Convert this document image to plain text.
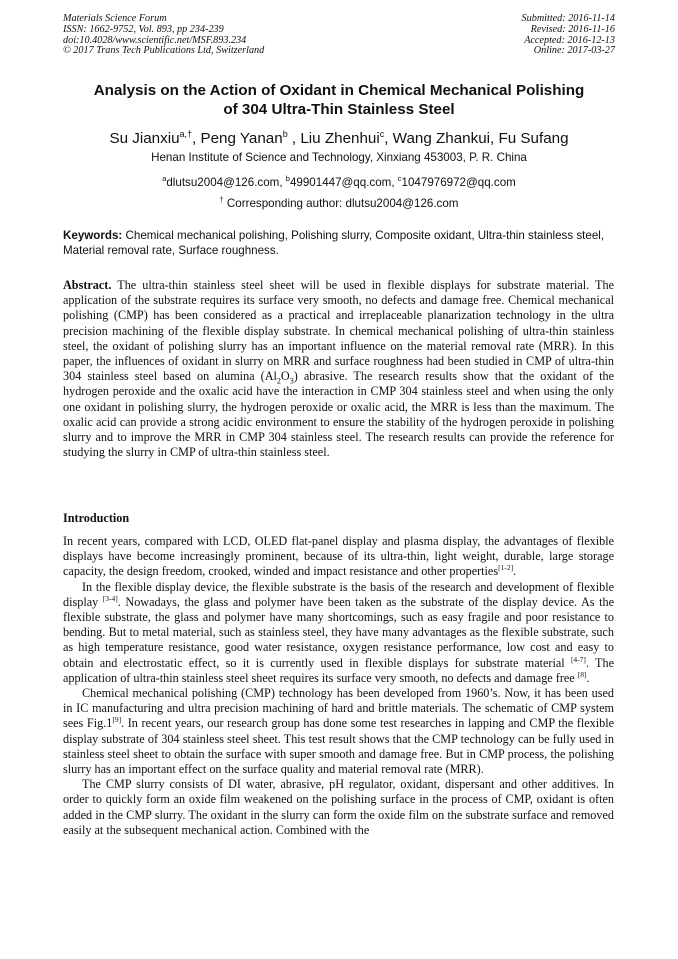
Materials Science Forum
ISSN: 1662-9752, Vol. 893, pp 234-239
doi:10.4028/www.scientific.net/MSF.893.234
© 2017 Trans Tech Publications Ltd, Switzerland
Submitted: 2016-11-14
Revised: 2016-11-16
Accepted: 2016-12-13
Online: 2017-03-27
Analysis on the Action of Oxidant in Chemical Mechanical Polishing
of 304 Ultra-Thin Stainless Steel
Su Jianxiu$^{a,\dagger}$, Peng Yanan$^b$ , Liu Zhenhui$^c$, Wang Zhankui, Fu Sufang
Henan Institute of Science and Technology, Xinxiang 453003, P. R. China
$^a$dlutsu2004@126.com, $^b$49901447@qq.com, $^c$1047976972@qq.com
† Corresponding author: dlutsu2004@126.com
Keywords: Chemical mechanical polishing, Polishing slurry, Composite oxidant, Ultra-thin stainless steel, Material removal rate, Surface roughness.

Abstract. The ultra-thin stainless steel sheet will be used in flexible displays for substrate material. The application of the substrate requires its surface very smooth, no defects and damage free. Chemical mechanical polishing (CMP) has been considered as a practical and irreplaceable planarization technology in the ultra precision machining of the flexible display substrate. In chemical mechanical polishing of ultra-thin stainless steel, the oxidant of polishing slurry has an important influence on the material removal rate (MRR). In this paper, the influences of oxidant in slurry on MRR and surface roughness had been studied in CMP of ultra-thin 304 stainless steel based on alumina $(Al_2O_3)$ abrasive. The research results show that the oxidant of the hydrogen peroxide and the oxalic acid have the interaction in CMP 304 stainless steel and when using the only one oxidant in polishing slurry, the hydrogen peroxide or oxalic acid, the MRR is less than the maximum. The oxalic acid can provide a strong acidic environment to ensure the stability of the hydrogen peroxide in polishing slurry and to improve the MRR in CMP 304 stainless steel. The research results can provide the reference for studying the slurry in CMP of ultra-thin stainless steel.

Introduction

In recent years, compared with LCD, OLED flat-panel display and plasma display, the advantages of flexible displays have become increasingly prominent, because of its ultra-thin, light weight, durable, large storage capacity, the design freedom, crooked, winded and impact resistance and other properties[1-2].

In the flexible display device, the flexible substrate is the basis of the research and development of flexible display [3-4]. Nowadays, the glass and polymer have been taken as the substrate of the display device. As the flexible substrate, the glass and polymer have many shortcomings, such as easy fragile and poor resistance to bending. But to metal material, such as stainless steel, they have many advantages as the flexible substrate, such as high temperature resistance, good water resistance, oxygen resistance performance, low cost and easy to obtain and electrostatic effect, so it is currently used in flexible displays for substrate material [4-7]. The application of ultra-thin stainless steel sheet requires its surface very smooth, no defects and damage free [8].

Chemical mechanical polishing (CMP) technology has been developed from 1960’s. Now, it has been used in IC manufacturing and ultra precision machining of hard and brittle materials. The schematic of CMP system sees Fig.1[9]. In recent years, our research group has done some test researches in lapping and CMP the flexible display substrate of 304 stainless steel sheet. This test result shows that the CMP technology can be fully used in stainless steel sheet to obtain the surface with super smooth and damage free. But in CMP process, the polishing slurry has an important effect on the surface quality and material removal rate (MRR).

The CMP slurry consists of DI water, abrasive, pH regulator, oxidant, dispersant and other additives. In order to quickly form an oxide film weakened on the polishing surface in the process of CMP, oxidant is often added in the CMP slurry. The oxidant in the slurry can form the oxide film on the substrate surface and removed easily at the subsequent mechanical action. Combined with the
